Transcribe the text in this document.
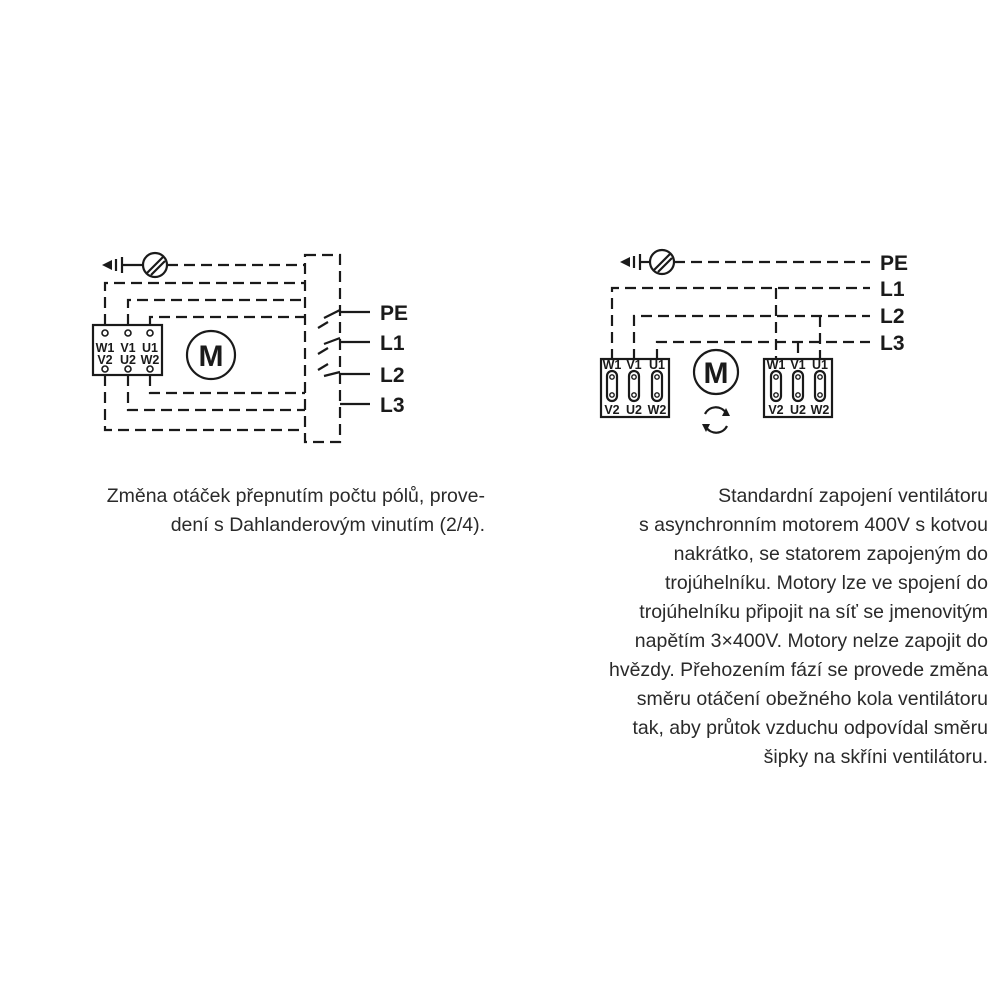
PE
L1
L2
L3
W1 V1 U1
V2 U2 W2 M
PE
L1
L2
L3
W1 V1 U1
V2 U2 W2
M	W1 V1 U1
V2 U2 W2

Změna otáček přepnutím počtu pólů, prove-
dení s Dahlanderovým vinutím (2/4).

Standardní zapojení ventilátoru
s asynchronním motorem 400V s kotvou
nakrátko, se statorem zapojeným do
trojúhelníku. Motory lze ve spojení do
trojúhelníku připojit na síť se jmenovitým
napětím 3×400V. Motory nelze zapojit do
hvězdy. Přehozením fází se provede změna
směru otáčení obežného kola ventilátoru
tak, aby průtok vzduchu odpovídal směru
šipky na skříni ventilátoru.
